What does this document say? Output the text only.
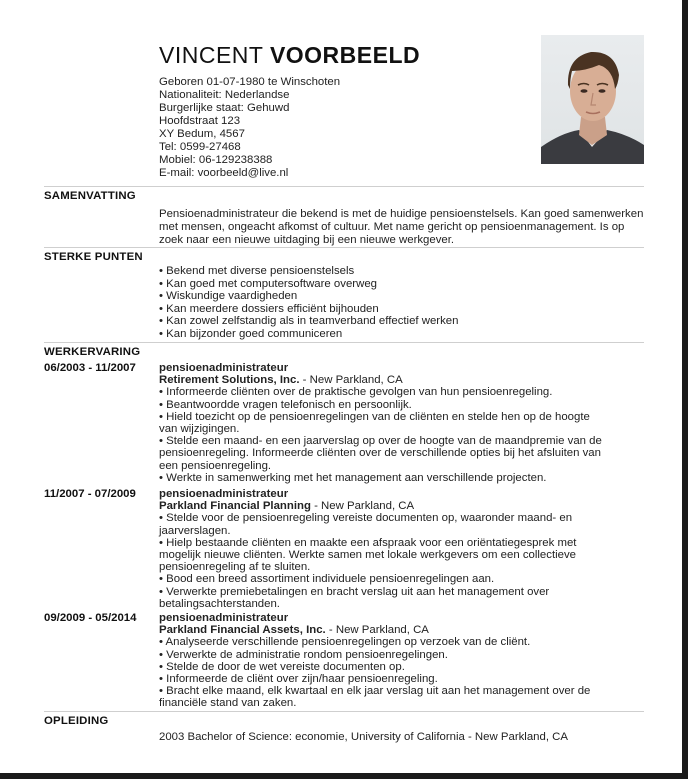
VINCENT VOORBEELD
Geboren 01-07-1980 te Winschoten
Nationaliteit: Nederlandse
Burgerlijke staat: Gehuwd
Hoofdstraat 123
XY Bedum, 4567
Tel: 0599-27468
Mobiel: 06-129238388
E-mail: voorbeeld@live.nl
SAMENVATTING
Pensioenadministrateur die bekend is met de huidige pensioenstelsels. Kan goed samenwerken met mensen, ongeacht afkomst of cultuur. Met name gericht op pensioenmanagement. Is op zoek naar een nieuwe uitdaging bij een nieuwe werkgever.
STERKE PUNTEN
• Bekend met diverse pensioenstelsels
• Kan goed met computersoftware overweg
• Wiskundige vaardigheden
• Kan meerdere dossiers efficiënt bijhouden
• Kan zowel zelfstandig als in teamverband effectief werken
• Kan bijzonder goed communiceren
WERKERVARING
06/2003 - 11/2007 pensioenadministrateur
Retirement Solutions, Inc. - New Parkland, CA
• Informeerde cliënten over de praktische gevolgen van hun pensioenregeling.
• Beantwoordde vragen telefonisch en persoonlijk.
• Hield toezicht op de pensioenregelingen van de cliënten en stelde hen op de hoogte
van wijzigingen.
• Stelde een maand- en een jaarverslag op over de hoogte van de maandpremie van de
pensioenregeling. Informeerde cliënten over de verschillende opties bij het afsluiten van
een pensioenregeling.
• Werkte in samenwerking met het management aan verschillende projecten.
11/2007 - 07/2009 pensioenadministrateur
Parkland Financial Planning - New Parkland, CA
• Stelde voor de pensioenregeling vereiste documenten op, waaronder maand- en
jaarverslagen.
• Hielp bestaande cliënten en maakte een afspraak voor een oriëntatiegesprek met
mogelijk nieuwe cliënten. Werkte samen met lokale werkgevers om een collectieve
pensioenregeling af te sluiten.
• Bood een breed assortiment individuele pensioenregelingen aan.
• Verwerkte premiebetalingen en bracht verslag uit aan het management over
betalingsachterstanden.
09/2009 - 05/2014 pensioenadministrateur
Parkland Financial Assets, Inc. - New Parkland, CA
• Analyseerde verschillende pensioenregelingen op verzoek van de cliënt.
• Verwerkte de administratie rondom pensioenregelingen.
• Stelde de door de wet vereiste documenten op.
• Informeerde de cliënt over zijn/haar pensioenregeling.
• Bracht elke maand, elk kwartaal en elk jaar verslag uit aan het management over de
financiële stand van zaken.
OPLEIDING
2003 Bachelor of Science: economie, University of California - New Parkland, CA
